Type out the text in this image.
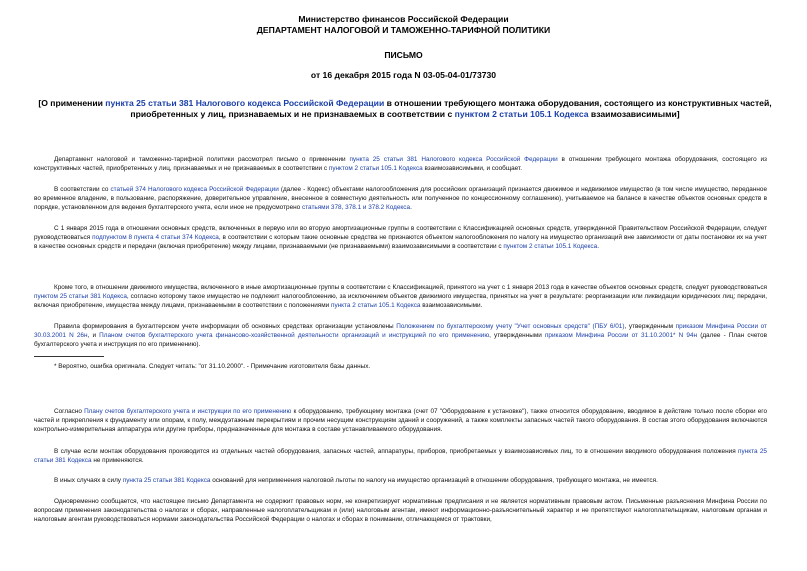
Министерство финансов Российской Федерации
ДЕПАРТАМЕНТ НАЛОГОВОЙ И ТАМОЖЕННО-ТАРИФНОЙ ПОЛИТИКИ
ПИСЬМО
от 16 декабря 2015 года N 03-05-04-01/73730
[О применении пункта 25 статьи 381 Налогового кодекса Российской Федерации в отношении требующего монтажа оборудования, состоящего из конструктивных частей, приобретенных у лиц, признаваемых и не признаваемых в соответствии с пунктом 2 статьи 105.1 Кодекса взаимозависимыми]
Департамент налоговой и таможенно-тарифной политики рассмотрел письмо о применении пункта 25 статьи 381 Налогового кодекса Российской Федерации в отношении требующего монтажа оборудования, состоящего из конструктивных частей, приобретенных у лиц, признаваемых и не признаваемых в соответствии с пунктом 2 статьи 105.1 Кодекса взаимозависимыми, и сообщает.
В соответствии со статьей 374 Налогового кодекса Российской Федерации (далее - Кодекс) объектами налогообложения для российских организаций признается движимое и недвижимое имущество (в том числе имущество, переданное во временное владение, в пользование, распоряжение, доверительное управление, внесенное в совместную деятельность или полученное по концессионному соглашению), учитываемое на балансе в качестве объектов основных средств в порядке, установленном для ведения бухгалтерского учета, если иное не предусмотрено статьями 378, 378.1 и 378.2 Кодекса.
С 1 января 2015 года в отношении основных средств, включенных в первую или во вторую амортизационные группы в соответствии с Классификацией основных средств, утвержденной Правительством Российской Федерации, следует руководствоваться подпунктом 8 пункта 4 статьи 374 Кодекса, в соответствии с которым такие основные средства не признаются объектом налогообложения по налогу на имущество организаций вне зависимости от даты постановки их на учет в качестве основных средств и передачи (включая приобретение) между лицами, признаваемыми (не признаваемыми) взаимозависимыми в соответствии с пунктом 2 статьи 105.1 Кодекса.
Кроме того, в отношении движимого имущества, включенного в иные амортизационные группы в соответствии с Классификацией, принятого на учет с 1 января 2013 года в качестве объектов основных средств, следует руководствоваться пунктом 25 статьи 381 Кодекса, согласно которому такое имущество не подлежит налогообложению, за исключением объектов движимого имущества, принятых на учет в результате: реорганизации или ликвидации юридических лиц; передачи, включая приобретение, имущества между лицами, признаваемыми в соответствии с положениями пункта 2 статьи 105.1 Кодекса взаимозависимыми.
Правила формирования в бухгалтерском учете информации об основных средствах организации установлены Положением по бухгалтерскому учету "Учет основных средств" (ПБУ 6/01), утвержденным приказом Минфина России от 30.03.2001 N 26н, и Планом счетов бухгалтерского учета финансово-хозяйственной деятельности организаций и инструкцией по его применению, утвержденными приказом Минфина России от 31.10.2001* N 94н (далее - План счетов бухгалтерского учета и инструкция по его применению).
* Вероятно, ошибка оригинала. Следует читать: "от 31.10.2000". - Примечание изготовителя базы данных.
Согласно Плану счетов бухгалтерского учета и инструкции по его применению к оборудованию, требующему монтажа (счет 07 "Оборудование к установке"), также относится оборудование, вводимое в действие только после сборки его частей и прикрепления к фундаменту или опорам, к полу, междуэтажным перекрытиям и прочим несущим конструкциям зданий и сооружений, а также комплекты запасных частей такого оборудования. В состав этого оборудования включаются контрольно-измерительная аппаратура или другие приборы, предназначенные для монтажа в составе устанавливаемого оборудования.
В случае если монтаж оборудования производится из отдельных частей оборудования, запасных частей, аппаратуры, приборов, приобретаемых у взаимозависимых лиц, то в отношении вводимого оборудования положения пункта 25 статьи 381 Кодекса не применяются.
В иных случаях в силу пункта 25 статьи 381 Кодекса оснований для неприменения налоговой льготы по налогу на имущество организаций в отношении оборудования, требующего монтажа, не имеется.
Одновременно сообщается, что настоящее письмо Департамента не содержит правовых норм, не конкретизирует нормативные предписания и не является нормативным правовым актом. Письменные разъяснения Минфина России по вопросам применения законодательства о налогах и сборах, направленные налогоплательщикам и (или) налоговым агентам, имеют информационно-разъяснительный характер и не препятствуют налогоплательщикам, налоговым органам и налоговым агентам руководствоваться нормами законодательства Российской Федерации о налогах и сборах в понимании, отличающемся от трактовки,
